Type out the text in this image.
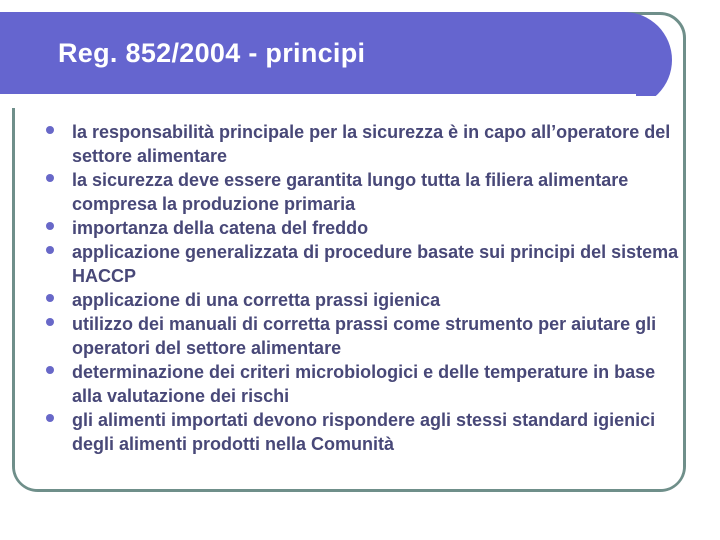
Reg. 852/2004 - principi
la responsabilità principale per la sicurezza è in capo all’operatore del settore alimentare
la sicurezza deve essere garantita lungo tutta la filiera alimentare compresa la produzione primaria
importanza della catena del freddo
applicazione generalizzata di procedure basate sui principi del sistema HACCP
applicazione di una corretta prassi igienica
utilizzo dei manuali di corretta prassi come strumento per aiutare gli operatori del settore alimentare
determinazione dei criteri microbiologici e delle temperature in base alla valutazione dei rischi
gli alimenti importati devono rispondere agli stessi standard igienici degli alimenti prodotti nella Comunità
